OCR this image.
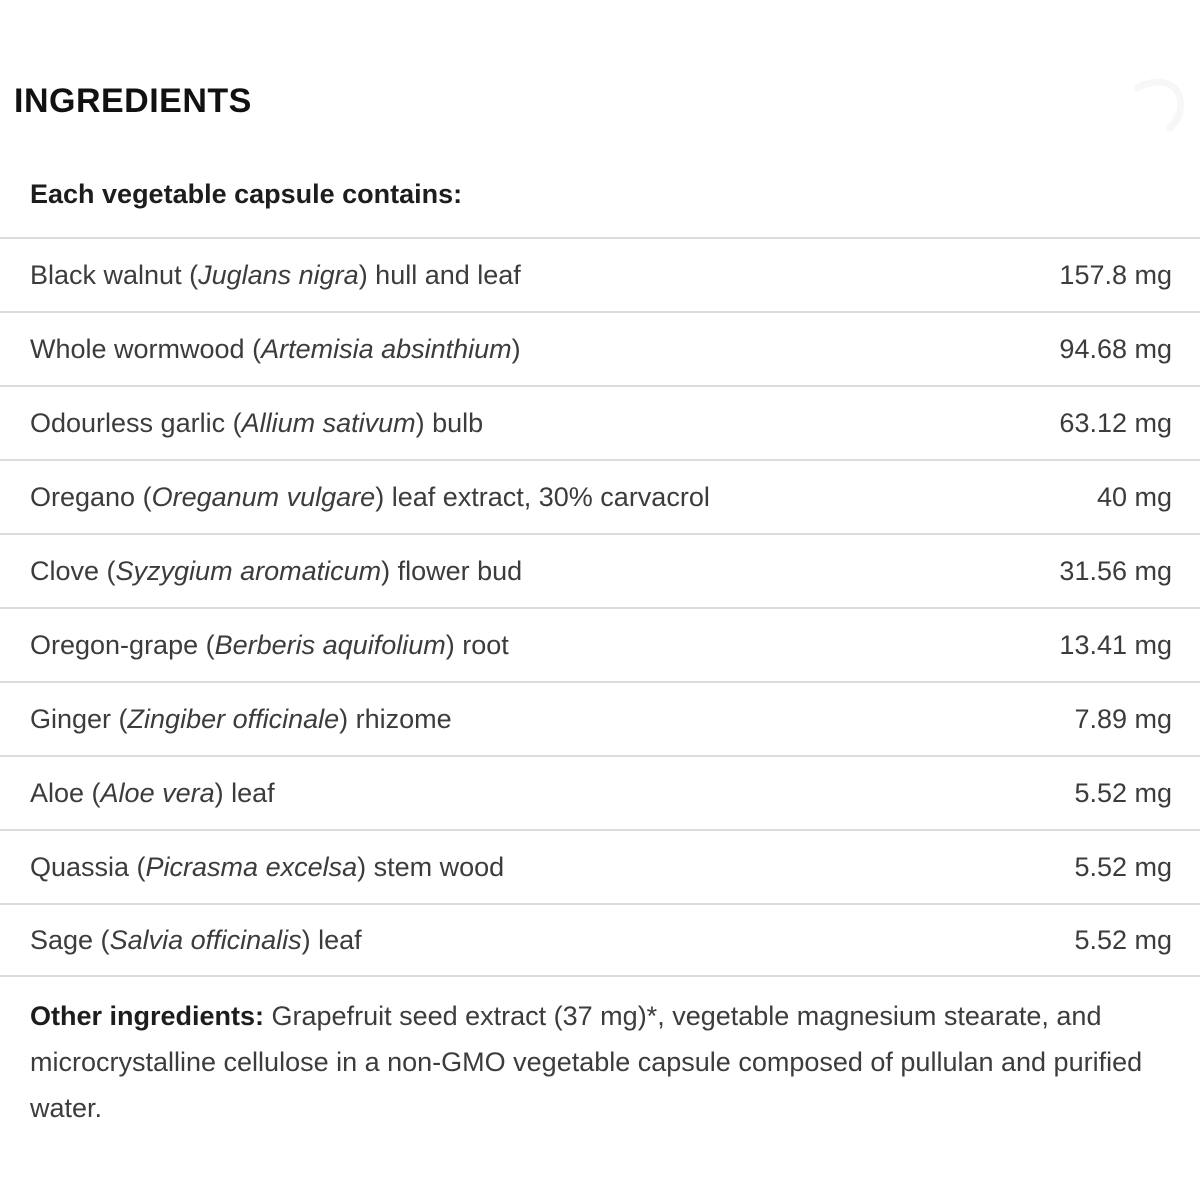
INGREDIENTS
Each vegetable capsule contains:
Black walnut (Juglans nigra) hull and leaf	157.8 mg
Whole wormwood (Artemisia absinthium)	94.68 mg
Odourless garlic (Allium sativum) bulb	63.12 mg
Oregano (Oreganum vulgare) leaf extract, 30% carvacrol	40 mg
Clove (Syzygium aromaticum) flower bud	31.56 mg
Oregon-grape (Berberis aquifolium) root	13.41 mg
Ginger (Zingiber officinale) rhizome	7.89 mg
Aloe (Aloe vera) leaf	5.52 mg
Quassia (Picrasma excelsa) stem wood	5.52 mg
Sage (Salvia officinalis) leaf	5.52 mg

Other ingredients: Grapefruit seed extract (37 mg)*, vegetable magnesium stearate, and microcrystalline cellulose in a non-GMO vegetable capsule composed of pullulan and purified water.
